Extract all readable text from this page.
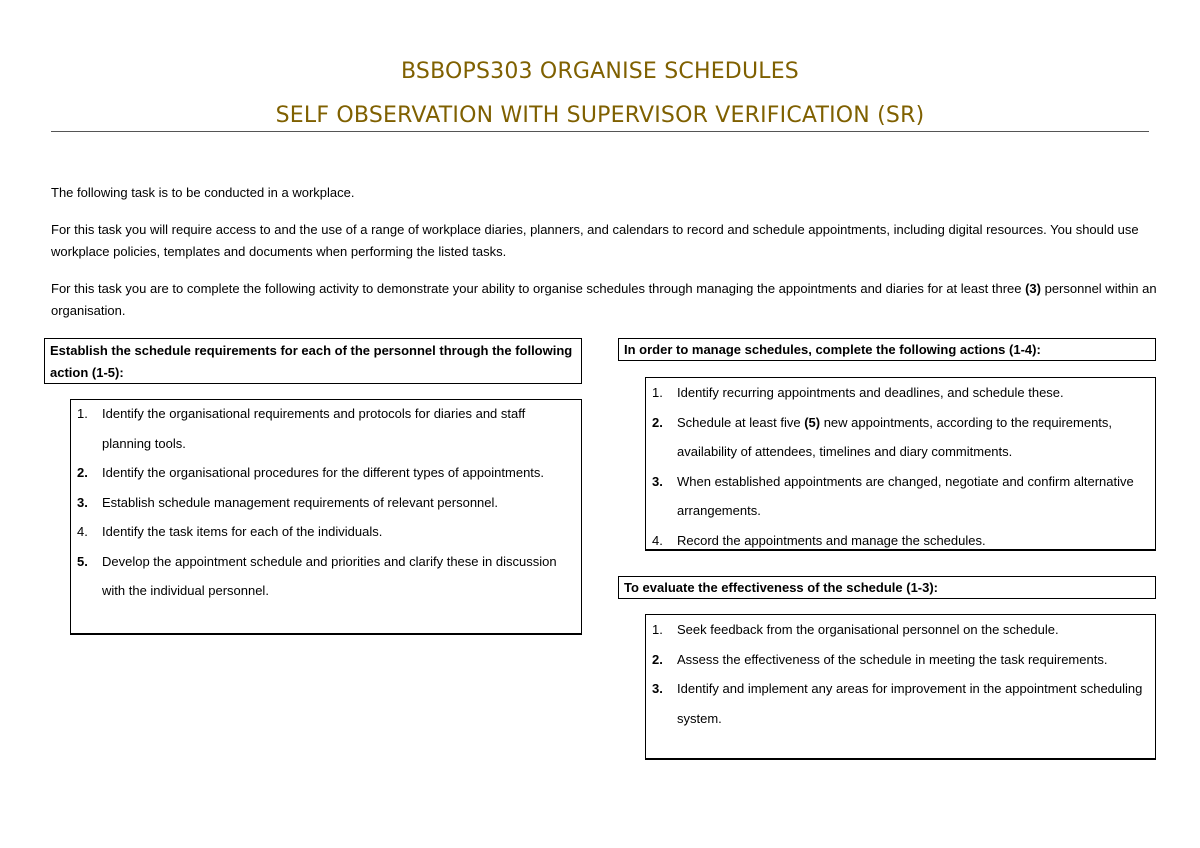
BSBOPS303 ORGANISE SCHEDULES
SELF OBSERVATION WITH SUPERVISOR VERIFICATION (SR)
The following task is to be conducted in a workplace.
For this task you will require access to and the use of a range of workplace diaries, planners, and calendars to record and schedule appointments, including digital resources. You should use workplace policies, templates and documents when performing the listed tasks.
For this task you are to complete the following activity to demonstrate your ability to organise schedules through managing the appointments and diaries for at least three (3) personnel within an organisation.
Establish the schedule requirements for each of the personnel through the following action (1-5):
1. Identify the organisational requirements and protocols for diaries and staff planning tools.
2. Identify the organisational procedures for the different types of appointments.
3. Establish schedule management requirements of relevant personnel.
4. Identify the task items for each of the individuals.
5. Develop the appointment schedule and priorities and clarify these in discussion with the individual personnel.
In order to manage schedules, complete the following actions (1-4):
1. Identify recurring appointments and deadlines, and schedule these.
2. Schedule at least five (5) new appointments, according to the requirements, availability of attendees, timelines and diary commitments.
3. When established appointments are changed, negotiate and confirm alternative arrangements.
4. Record the appointments and manage the schedules.
To evaluate the effectiveness of the schedule (1-3):
1. Seek feedback from the organisational personnel on the schedule.
2. Assess the effectiveness of the schedule in meeting the task requirements.
3. Identify and implement any areas for improvement in the appointment scheduling system.
